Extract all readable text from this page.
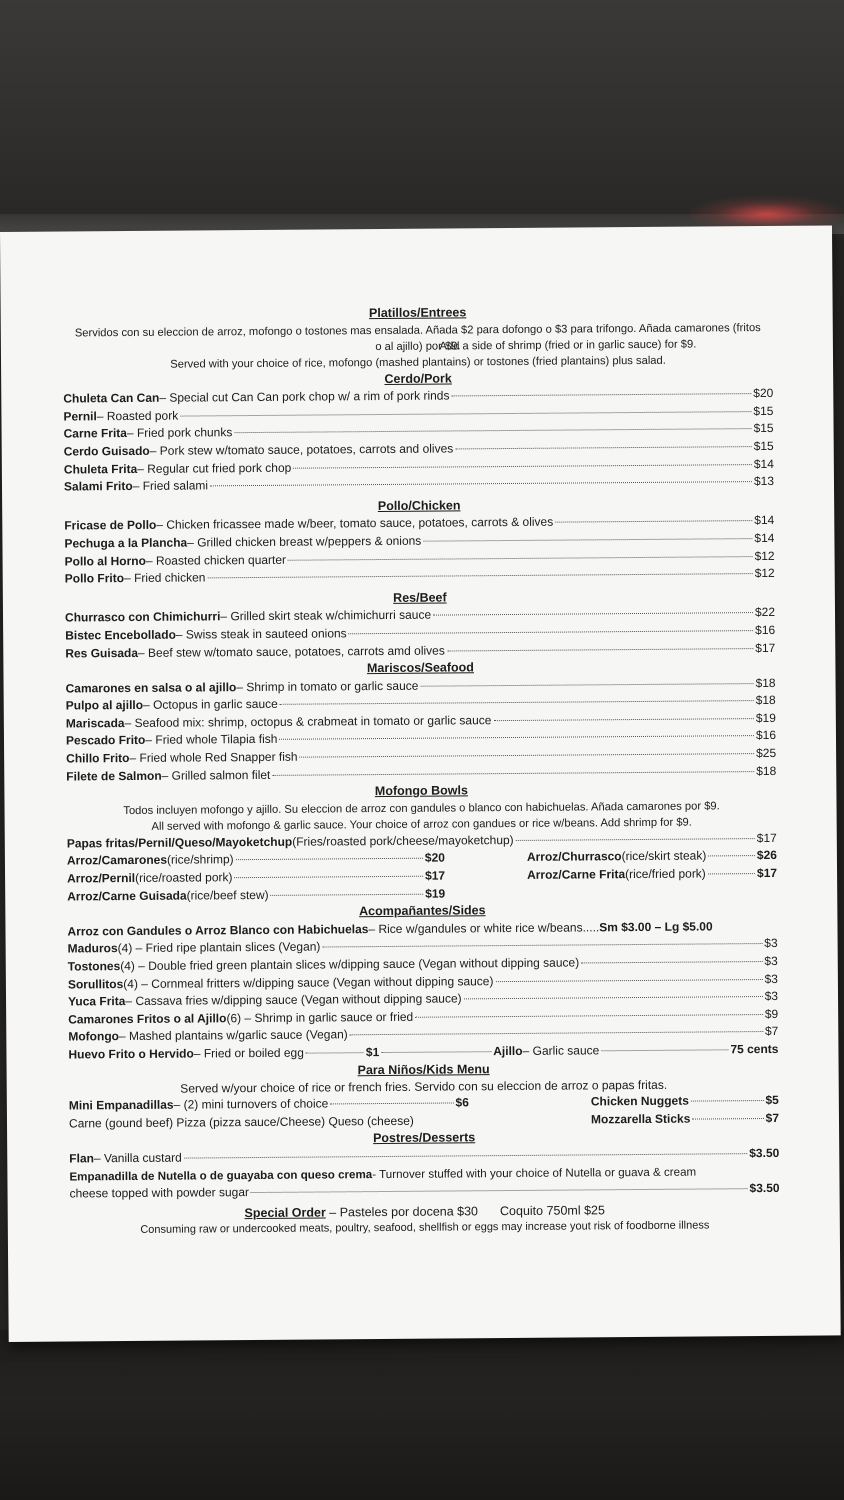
Platillos/Entrees
Servidos con su eleccion de arroz, mofongo o tostones mas ensalada. Añada $2 para dofongo o $3 para trifongo. Añada camarones (fritos o al ajillo) por $9.
Add a side of shrimp (fried or in garlic sauce) for $9.
Served with your choice of rice, mofongo (mashed plantains) or tostones (fried plantains) plus salad.
Cerdo/Pork
Chuleta Can Can – Special cut Can Can pork chop w/ a rim of pork rinds	$20
Pernil – Roasted pork	$15
Carne Frita – Fried pork chunks	$15
Cerdo Guisado – Pork stew w/tomato sauce, potatoes, carrots and olives	$15
Chuleta Frita – Regular cut fried pork chop	$14
Salami Frito – Fried salami	$13
Pollo/Chicken
Fricase de Pollo – Chicken fricassee made w/beer, tomato sauce, potatoes, carrots & olives	$14
Pechuga a la Plancha – Grilled chicken breast w/peppers & onions	$14
Pollo al Horno – Roasted chicken quarter	$12
Pollo Frito – Fried chicken	$12
Res/Beef
Churrasco con Chimichurri – Grilled skirt steak w/chimichurri sauce	$22
Bistec Encebollado – Swiss steak in sauteed onions	$16
Res Guisada – Beef stew w/tomato sauce, potatoes, carrots amd olives	$17
Mariscos/Seafood
Camarones en salsa o al ajillo – Shrimp in tomato or garlic sauce	$18
Pulpo al ajillo – Octopus in garlic sauce	$18
Mariscada – Seafood mix: shrimp, octopus & crabmeat in tomato or garlic sauce	$19
Pescado Frito – Fried whole Tilapia fish	$16
Chillo Frito – Fried whole Red Snapper fish	$25
Filete de Salmon – Grilled salmon filet	$18
Mofongo Bowls
Todos incluyen mofongo y ajillo. Su eleccion de arroz con gandules o blanco con habichuelas. Añada camarones por $9.
All served with mofongo & garlic sauce. Your choice of arroz con gandues or rice w/beans. Add shrimp for $9.
Papas fritas/Pernil/Queso/Mayoketchup (Fries/roasted pork/cheese/mayoketchup)	$17
Arroz/Camarones (rice/shrimp)	$20
Arroz/Pernil (rice/roasted pork)	$17
Arroz/Carne Guisada (rice/beef stew)	$19
Arroz/Churrasco (rice/skirt steak)	$26
Arroz/Carne Frita (rice/fried pork)	$17
Acompañantes/Sides
Arroz con Gandules o Arroz Blanco con Habichuelas – Rice w/gandules or white rice w/beans..... Sm $3.00 – Lg $5.00
Maduros (4) – Fried ripe plantain slices (Vegan)	$3
Tostones (4) – Double fried green plantain slices w/dipping sauce (Vegan without dipping sauce)	$3
Sorullitos (4) – Cornmeal fritters w/dipping sauce (Vegan without dipping sauce)	$3
Yuca Frita – Cassava fries w/dipping sauce (Vegan without dipping sauce)	$3
Camarones Fritos o al Ajillo (6) – Shrimp in garlic sauce or fried	$9
Mofongo – Mashed plantains w/garlic sauce (Vegan)	$7
Huevo Frito o Hervido – Fried or boiled egg	$1	Ajillo – Garlic sauce	75 cents
Para Niños/Kids Menu
Served w/your choice of rice or french fries. Servido con su eleccion de arroz o papas fritas.
Mini Empanadillas – (2) mini turnovers of choice	$6
Carne (gound beef) Pizza (pizza sauce/Cheese) Queso (cheese)
Chicken Nuggets	$5
Mozzarella Sticks	$7
Postres/Desserts
Flan – Vanilla custard	$3.50
Empanadilla de Nutella o de guayaba con queso crema - Turnover stuffed with your choice of Nutella or guava & cream
cheese topped with powder sugar	$3.50
Special Order – Pasteles por docena $30 Coquito 750ml $25
Consuming raw or undercooked meats, poultry, seafood, shellfish or eggs may increase yout risk of foodborne illness
